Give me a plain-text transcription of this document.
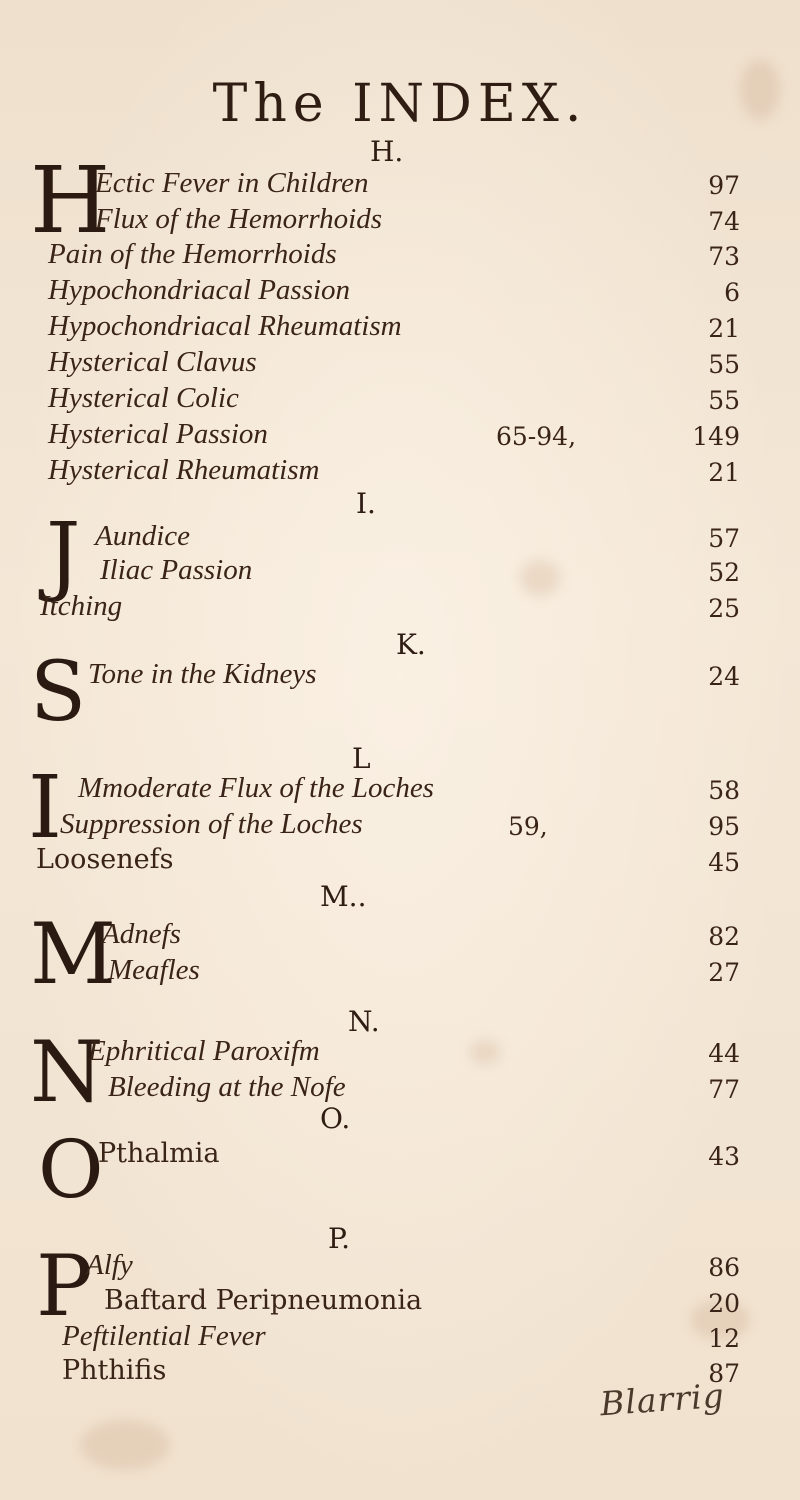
The INDEX.
H.
H
Ectic Fever in Children	97
Flux of the Hemorrhoids	74
Pain of the Hemorrhoids	73
Hypochondriacal Passion	6
Hypochondriacal Rheumatism	21
Hysterical Clavus	55
Hysterical Colic	55
Hysterical Passion	65-94,	149
Hysterical Rheumatism	21
I.
J Aundice	57
Iliac Passion	52
Itching	25
K.
S Tone in the Kidneys	24
L
I Mmoderate Flux of the Loches	58
Suppression of the Loches	59,	95
Loosenefs	45
M..
M
Adnefs	82
Meafles	27
N.
N
Ephritical Paroxifm	44
Bleeding at the Nofe	77
O.
O
Pthalmia	43
P.
P
Alfy	86
Baftard Peripneumonia	20
Peftilential Fever	12
Phthifis	87
Blarrig
